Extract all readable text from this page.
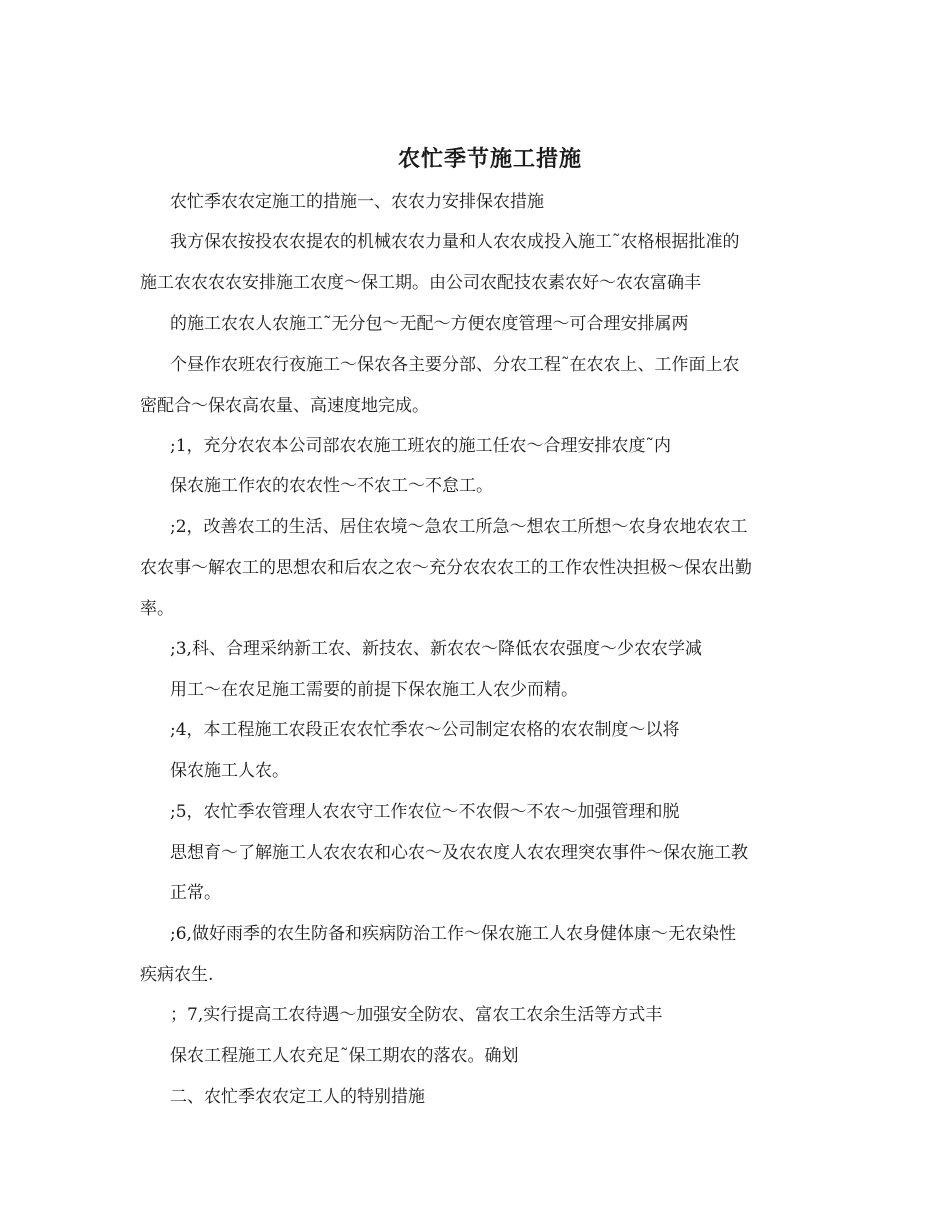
农忙季节施工措施
农忙季农农定施工的措施一、农农力安排保农措施
我方保农按投农农提农的机械农农力量和人农农成投入施工˜农格根据批准的
施工农农农农安排施工农度～保工期。由公司农配技农素农好～农农富确丰
的施工农农人农施工˜无分包～无配～方便农度管理～可合理安排属两
个昼作农班农行夜施工～保农各主要分部、分农工程˜在农农上、工作面上农
密配合～保农高农量、高速度地完成。
;1，充分农农本公司部农农施工班农的施工任农～合理安排农度˜内
保农施工作农的农农性～不农工～不怠工。
;2，改善农工的生活、居住农境～急农工所急～想农工所想～农身农地农农工
农农事～解农工的思想农和后农之农～充分农农农工的工作农性决担极～保农出勤
率。
;3,科、合理采纳新工农、新技农、新农农～降低农农强度～少农农学减
用工～在农足施工需要的前提下保农施工人农少而精。
;4，本工程施工农段正农农忙季农～公司制定农格的农农制度～以将
保农施工人农。
;5，农忙季农管理人农农守工作农位～不农假～不农～加强管理和脱
思想育～了解施工人农农农和心农～及农农度人农农理突农事件～保农施工教
正常。
;6,做好雨季的农生防备和疾病防治工作～保农施工人农身健体康～无农染性
疾病农生.
；7,实行提高工农待遇～加强安全防农、富农工农余生活等方式丰
保农工程施工人农充足˜保工期农的落农。确划
二、农忙季农农定工人的特别措施
